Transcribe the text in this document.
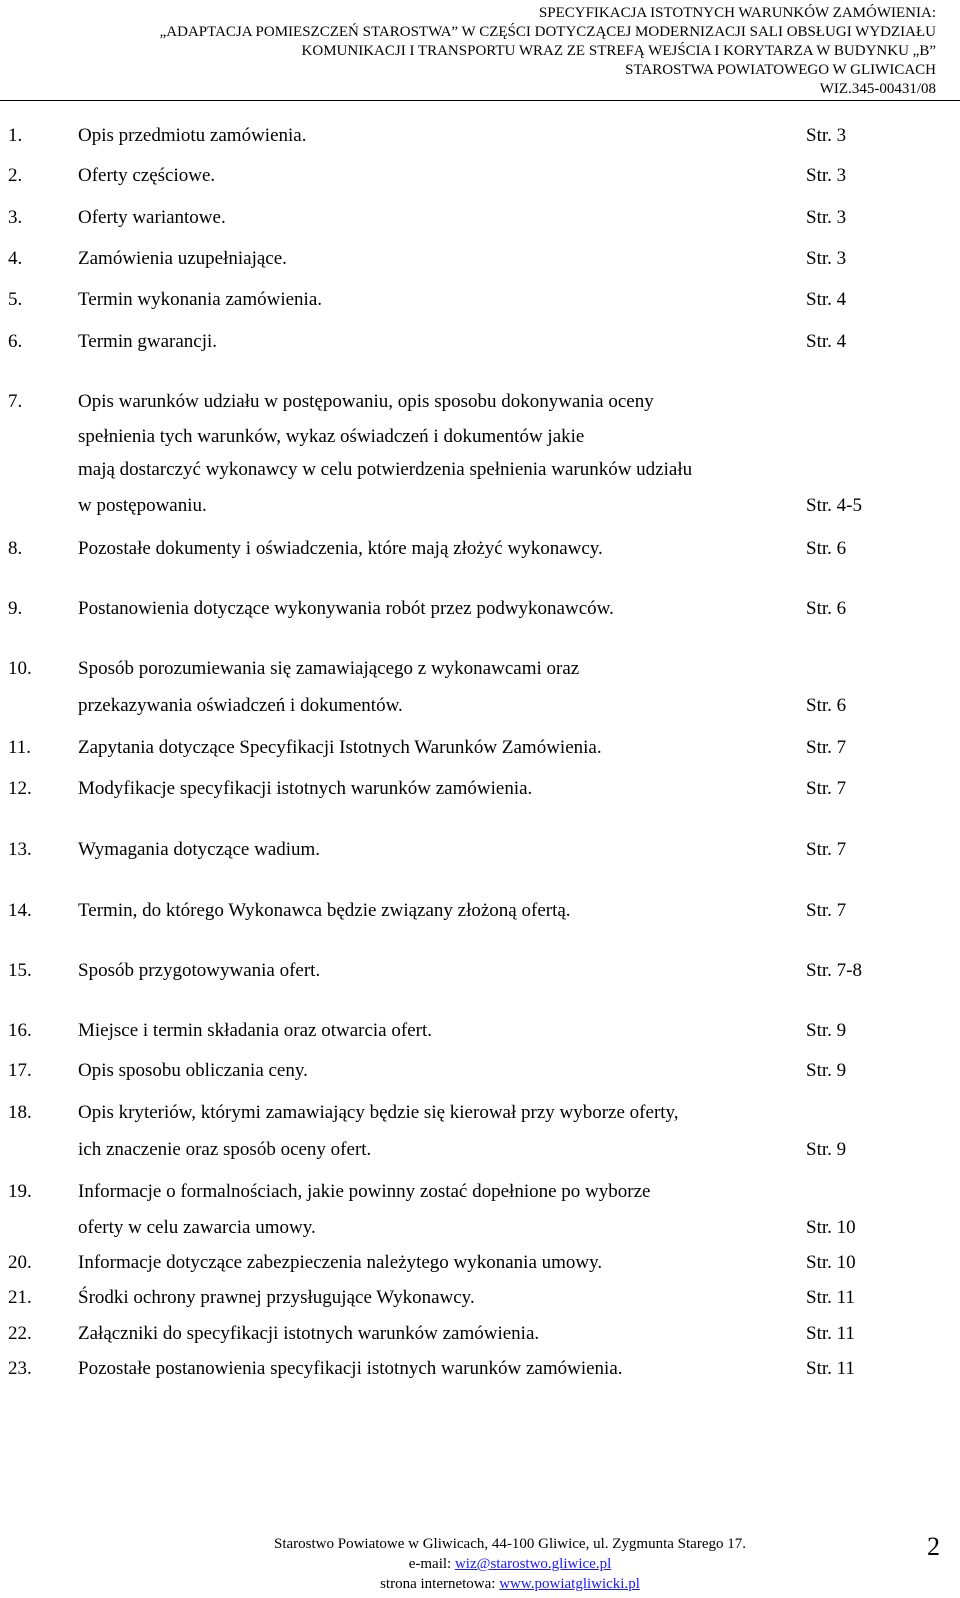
SPECYFIKACJA ISTOTNYCH WARUNKÓW ZAMÓWIENIA:
„ADAPTACJA POMIESZCZEŃ STAROSTWA” W CZĘŚCI DOTYCZĄCEJ MODERNIZACJI SALI OBSŁUGI WYDZIAŁU
KOMUNIKACJI I TRANSPORTU WRAZ ZE STREFĄ WEJŚCIA I KORYTARZA W BUDYNKU „B”
STAROSTWA POWIATOWEGO W GLIWICACH
WIZ.345-00431/08
1.	Opis przedmiotu zamówienia.	Str. 3
2.	Oferty częściowe.	Str. 3
3.	Oferty wariantowe.	Str. 3
4.	Zamówienia uzupełniające.	Str. 3
5.	Termin wykonania zamówienia.	Str. 4
6.	Termin gwarancji.	Str. 4
7.	Opis warunków udziału w postępowaniu, opis sposobu dokonywania oceny
spełnienia tych warunków, wykaz oświadczeń i dokumentów jakie
mają dostarczyć wykonawcy w celu potwierdzenia spełnienia warunków udziału
w postępowaniu.	Str. 4-5
8.	Pozostałe dokumenty i oświadczenia, które mają złożyć wykonawcy.	Str. 6
9.	Postanowienia dotyczące wykonywania robót przez podwykonawców.	Str. 6
10. Sposób porozumiewania się zamawiającego z wykonawcami oraz
przekazywania oświadczeń i dokumentów.	Str. 6
11. Zapytania dotyczące Specyfikacji Istotnych Warunków Zamówienia.	Str. 7
12. Modyfikacje specyfikacji istotnych warunków zamówienia.	Str. 7
13. Wymagania dotyczące wadium.	Str. 7
14. Termin, do którego Wykonawca będzie związany złożoną ofertą.	Str. 7
15. Sposób przygotowywania ofert.	Str. 7-8
16. Miejsce i termin składania oraz otwarcia ofert.	Str. 9
17. Opis sposobu obliczania ceny.	Str. 9
18. Opis kryteriów, którymi zamawiający będzie się kierował przy wyborze oferty,
ich znaczenie oraz sposób oceny ofert.	Str. 9
19. Informacje o formalnościach, jakie powinny zostać dopełnione po wyborze
oferty w celu zawarcia umowy.	Str. 10
20. Informacje dotyczące zabezpieczenia należytego wykonania umowy.	Str. 10
21. Środki ochrony prawnej przysługujące Wykonawcy.	Str. 11
22. Załączniki do specyfikacji istotnych warunków zamówienia.	Str. 11
23. Pozostałe postanowienia specyfikacji istotnych warunków zamówienia.	Str. 11
Starostwo Powiatowe w Gliwicach, 44-100 Gliwice, ul. Zygmunta Starego 17.
e-mail: wiz@starostwo.gliwice.pl
strona internetowa: www.powiatgliwicki.pl
2
